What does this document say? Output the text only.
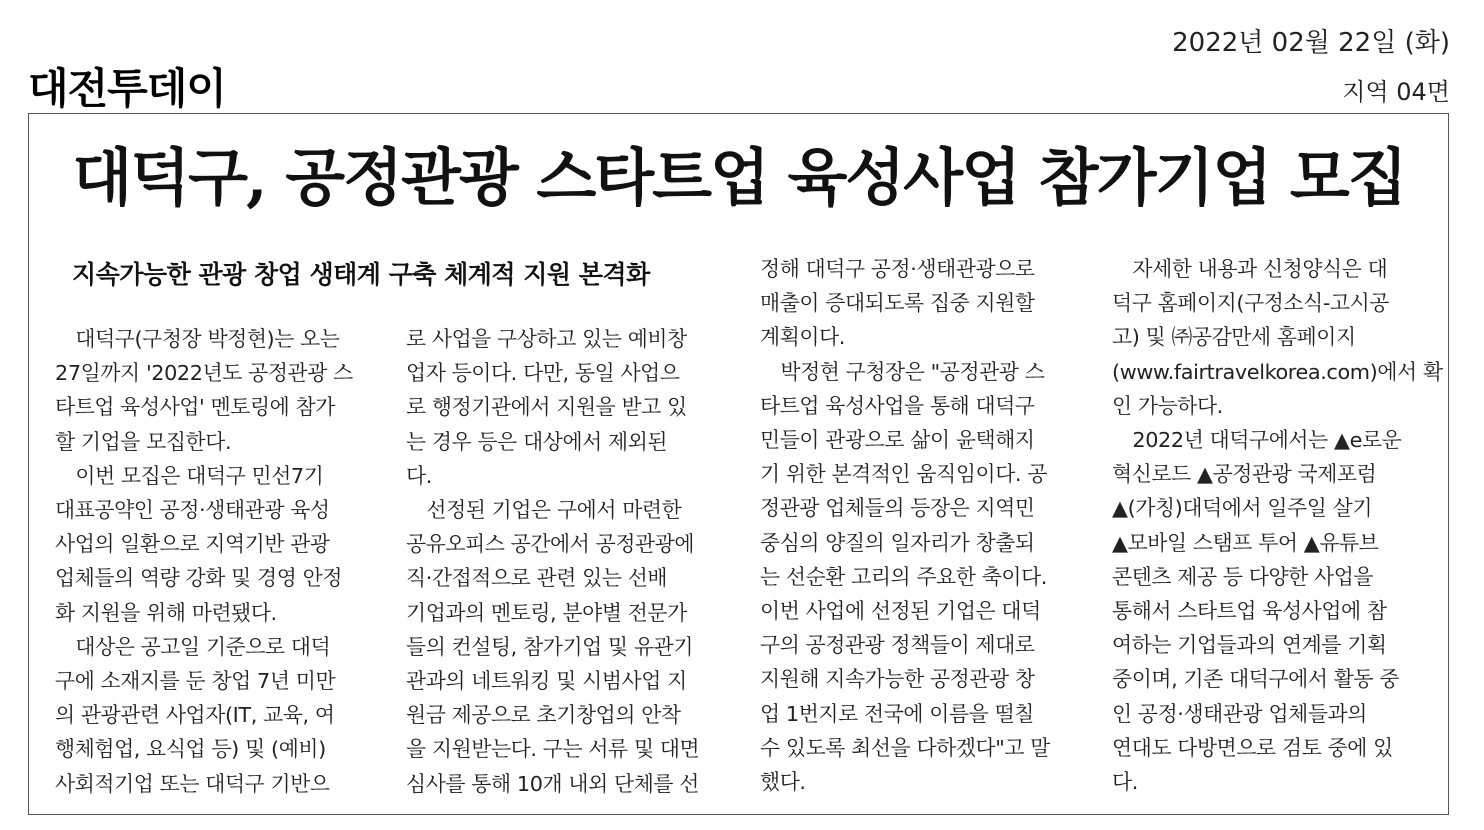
대전투데이
2022년 02월 22일 (화)
지역 04면
대덕구, 공정관광 스타트업 육성사업 참가기업 모집
지속가능한 관광 창업 생태계 구축 체계적 지원 본격화
　대덕구(구청장 박정현)는 오는
27일까지 '2022년도 공정관광 스
타트업 육성사업' 멘토링에 참가
할 기업을 모집한다.
　이번 모집은 대덕구 민선7기
대표공약인 공정·생태관광 육성
사업의 일환으로 지역기반 관광
업체들의 역량 강화 및 경영 안정
화 지원을 위해 마련됐다.
　대상은 공고일 기준으로 대덕
구에 소재지를 둔 창업 7년 미만
의 관광관련 사업자(IT, 교육, 여
행체험업, 요식업 등) 및 (예비)
사회적기업 또는 대덕구 기반으
로 사업을 구상하고 있는 예비창
업자 등이다. 다만, 동일 사업으
로 행정기관에서 지원을 받고 있
는 경우 등은 대상에서 제외된
다.
　선정된 기업은 구에서 마련한
공유오피스 공간에서 공정관광에
직·간접적으로 관련 있는 선배
기업과의 멘토링, 분야별 전문가
들의 컨설팅, 참가기업 및 유관기
관과의 네트워킹 및 시범사업 지
원금 제공으로 초기창업의 안착
을 지원받는다. 구는 서류 및 대면
심사를 통해 10개 내외 단체를 선
정해 대덕구 공정·생태관광으로
매출이 증대되도록 집중 지원할
계획이다.
　박정현 구청장은 "공정관광 스
타트업 육성사업을 통해 대덕구
민들이 관광으로 삶이 윤택해지
기 위한 본격적인 움직임이다. 공
정관광 업체들의 등장은 지역민
중심의 양질의 일자리가 창출되
는 선순환 고리의 주요한 축이다.
이번 사업에 선정된 기업은 대덕
구의 공정관광 정책들이 제대로
지원해 지속가능한 공정관광 창
업 1번지로 전국에 이름을 떨칠
수 있도록 최선을 다하겠다"고 말
했다.
　자세한 내용과 신청양식은 대
덕구 홈페이지(구정소식-고시공
고) 및 ㈜공감만세 홈페이지
(www.fairtravelkorea.com)에서 확
인 가능하다.
　2022년 대덕구에서는 ▲e로운
혁신로드 ▲공정관광 국제포럼
▲(가칭)대덕에서 일주일 살기
▲모바일 스탬프 투어 ▲유튜브
콘텐츠 제공 등 다양한 사업을
통해서 스타트업 육성사업에 참
여하는 기업들과의 연계를 기획
중이며, 기존 대덕구에서 활동 중
인 공정·생태관광 업체들과의
연대도 다방면으로 검토 중에 있
다.
